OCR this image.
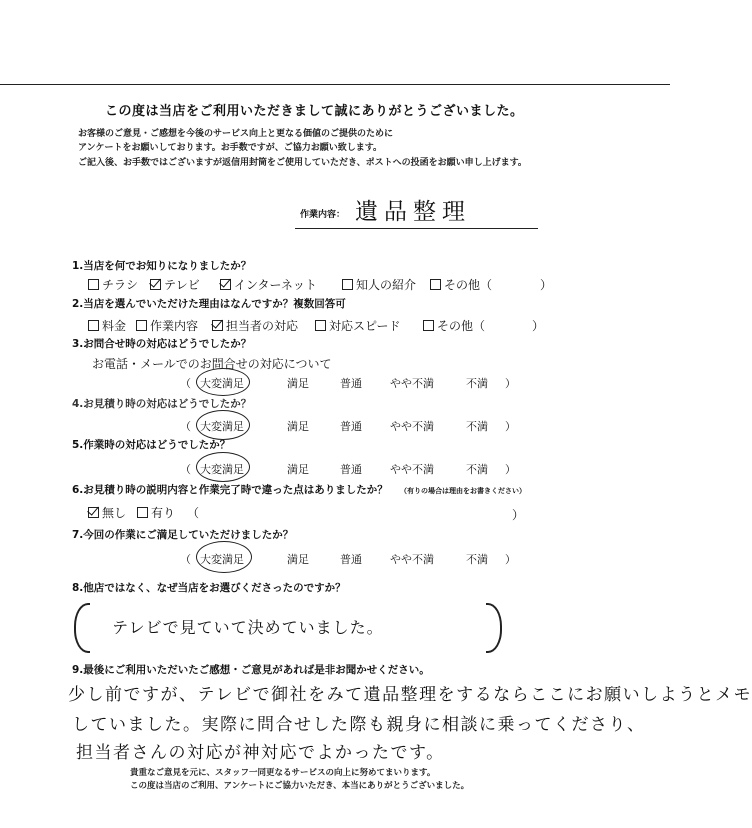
この度は当店をご利用いただきまして誠にありがとうございました。
お客様のご意見・ご感想を今後のサービス向上と更なる価値のご提供のために
アンケートをお願いしております。お手数ですが、ご協力お願い致します。
ご記入後、お手数ではございますが返信用封筒をご使用していただき、ポストへの投函をお願い申し上げます。
作業内容： 遺品整理
1.当店を何でお知りになりましたか？
チラシ テレビ	インターネット	知人の紹介 その他（	）
2.当店を選んでいただけた理由はなんですか？複数回答可
料金 作業内容 担当者の対応	対応スピード	その他（	）
3.お問合せ時の対応はどうでしたか？
お電話・メールでのお問合せの対応について
（ 大変満足	満足	普通	やや不満	不満 ）
4.お見積り時の対応はどうでしたか？
（ 大変満足	満足	普通	やや不満	不満 ）
5.作業時の対応はどうでしたか？
（ 大変満足	満足	普通	やや不満	不満 ）
6.お見積り時の説明内容と作業完了時で違った点はありましたか？ （有りの場合は理由をお書きください）
無し 有り （	）
7.今回の作業にご満足していただけましたか？
（ 大変満足	満足	普通	やや不満	不満 ）
8.他店ではなく、なぜ当店をお選びくださったのですか？
テレビで見ていて決めていました。
9.最後にご利用いただいたご感想・ご意見があれば是非お聞かせください。
少し前ですが、テレビで御社をみて遺品整理をするならここにお願いしようとメモ
していました。実際に問合せした際も親身に相談に乗ってくださり、
担当者さんの対応が神対応でよかったです。
貴重なご意見を元に、スタッフ一同更なるサービスの向上に努めてまいります。
この度は当店のご利用、アンケートにご協力いただき、本当にありがとうございました。
